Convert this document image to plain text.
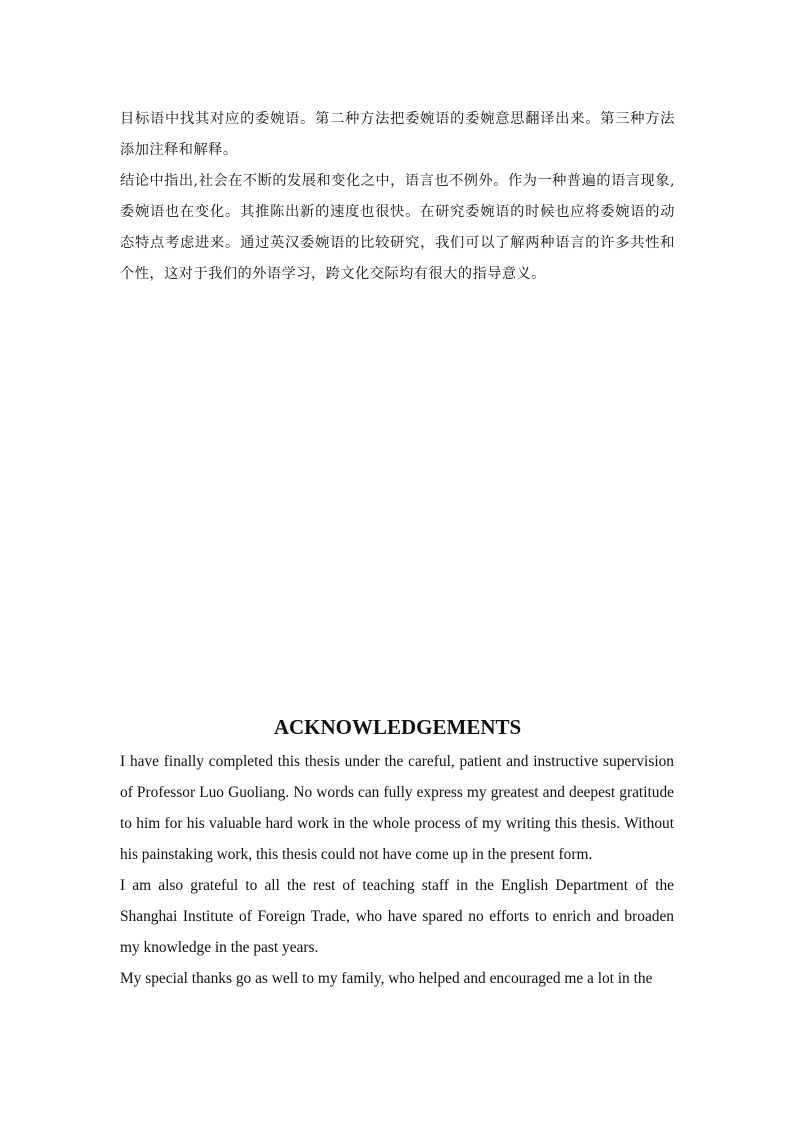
目标语中找其对应的委婉语。第二种方法把委婉语的委婉意思翻译出来。第三种方法添加注释和解释。

结论中指出,社会在不断的发展和变化之中，语言也不例外。作为一种普遍的语言现象,委婉语也在变化。其推陈出新的速度也很快。在研究委婉语的时候也应将委婉语的动态特点考虑进来。通过英汉委婉语的比较研究，我们可以了解两种语言的许多共性和个性，这对于我们的外语学习，跨文化交际均有很大的指导意义。

ACKNOWLEDGEMENTS

I have finally completed this thesis under the careful, patient and instructive supervision of Professor Luo Guoliang. No words can fully express my greatest and deepest gratitude to him for his valuable hard work in the whole process of my writing this thesis. Without his painstaking work, this thesis could not have come up in the present form.

I am also grateful to all the rest of teaching staff in the English Department of the Shanghai Institute of Foreign Trade, who have spared no efforts to enrich and broaden my knowledge in the past years.

My special thanks go as well to my family, who helped and encouraged me a lot in the
